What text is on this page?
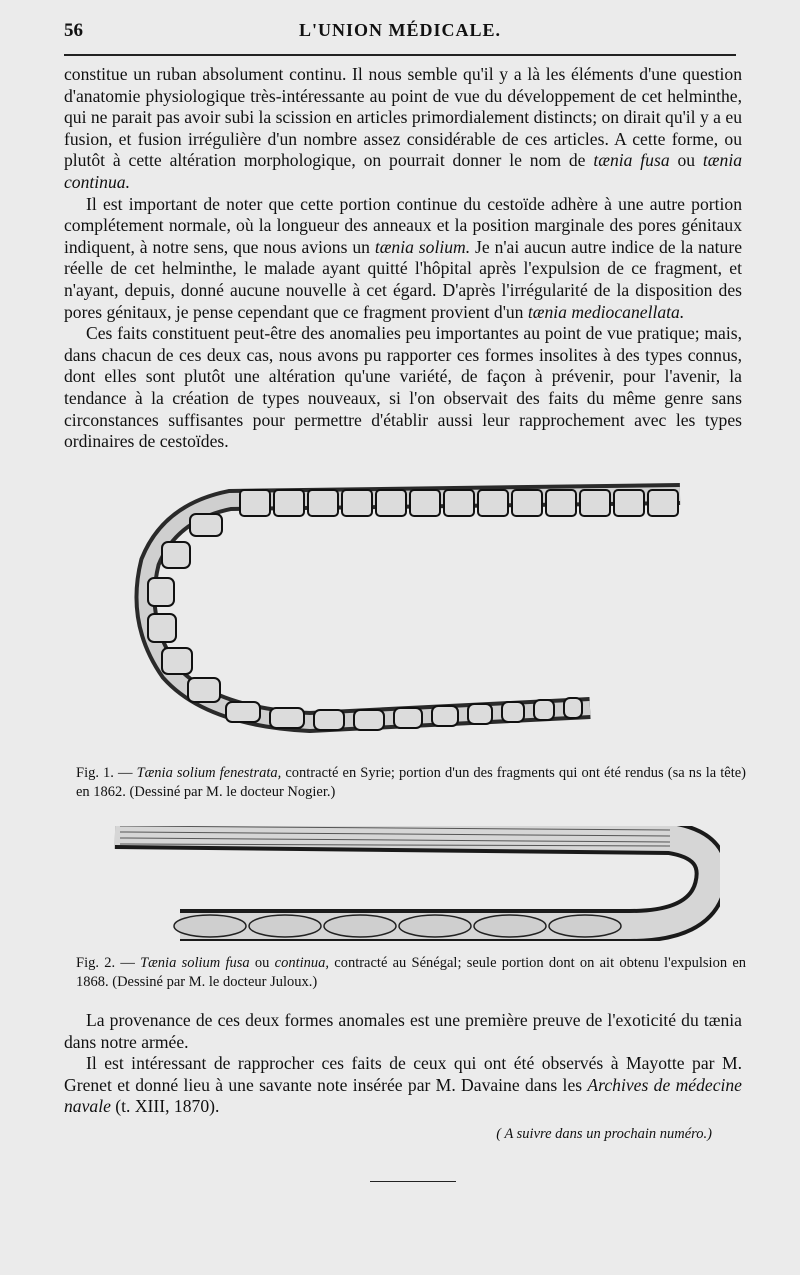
56	L'UNION MÉDICALE.

constitue un ruban absolument continu. Il nous semble qu'il y a là les éléments d'une question d'anatomie physiologique très-intéressante au point de vue du développement de cet helminthe, qui ne parait pas avoir subi la scission en articles primordialement distincts; on dirait qu'il y a eu fusion, et fusion irrégulière d'un nombre assez considérable de ces articles. A cette forme, ou plutôt à cette altération morphologique, on pourrait donner le nom de tænia fusa ou tænia continua.

Il est important de noter que cette portion continue du cestoïde adhère à une autre portion complétement normale, où la longueur des anneaux et la position marginale des pores génitaux indiquent, à notre sens, que nous avions un tænia solium. Je n'ai aucun autre indice de la nature réelle de cet helminthe, le malade ayant quitté l'hôpital après l'expulsion de ce fragment, et n'ayant, depuis, donné aucune nouvelle à cet égard. D'après l'irrégularité de la disposition des pores génitaux, je pense cependant que ce fragment provient d'un tænia mediocanellata.

Ces faits constituent peut-être des anomalies peu importantes au point de vue pratique; mais, dans chacun de ces deux cas, nous avons pu rapporter ces formes insolites à des types connus, dont elles sont plutôt une altération qu'une variété, de façon à prévenir, pour l'avenir, la tendance à la création de types nouveaux, si l'on observait des faits du même genre sans circonstances suffisantes pour permettre d'établir aussi leur rapprochement avec les types ordinaires de cestoïdes.

Fig. 1. — Tænia solium fenestrata, contracté en Syrie; portion d'un des fragments qui ont été rendus (sa ns la tête) en 1862. (Dessiné par M. le docteur Nogier.)
Fig. 2. — Tænia solium fusa ou continua, contracté au Sénégal; seule portion dont on ait obtenu l'expulsion en 1868. (Dessiné par M. le docteur Juloux.)

La provenance de ces deux formes anomales est une première preuve de l'exoticité du tænia dans notre armée.

Il est intéressant de rapprocher ces faits de ceux qui ont été observés à Mayotte par M. Grenet et donné lieu à une savante note insérée par M. Davaine dans les Archives de médecine navale (t. XIII, 1870).

( A suivre dans un prochain numéro.)
